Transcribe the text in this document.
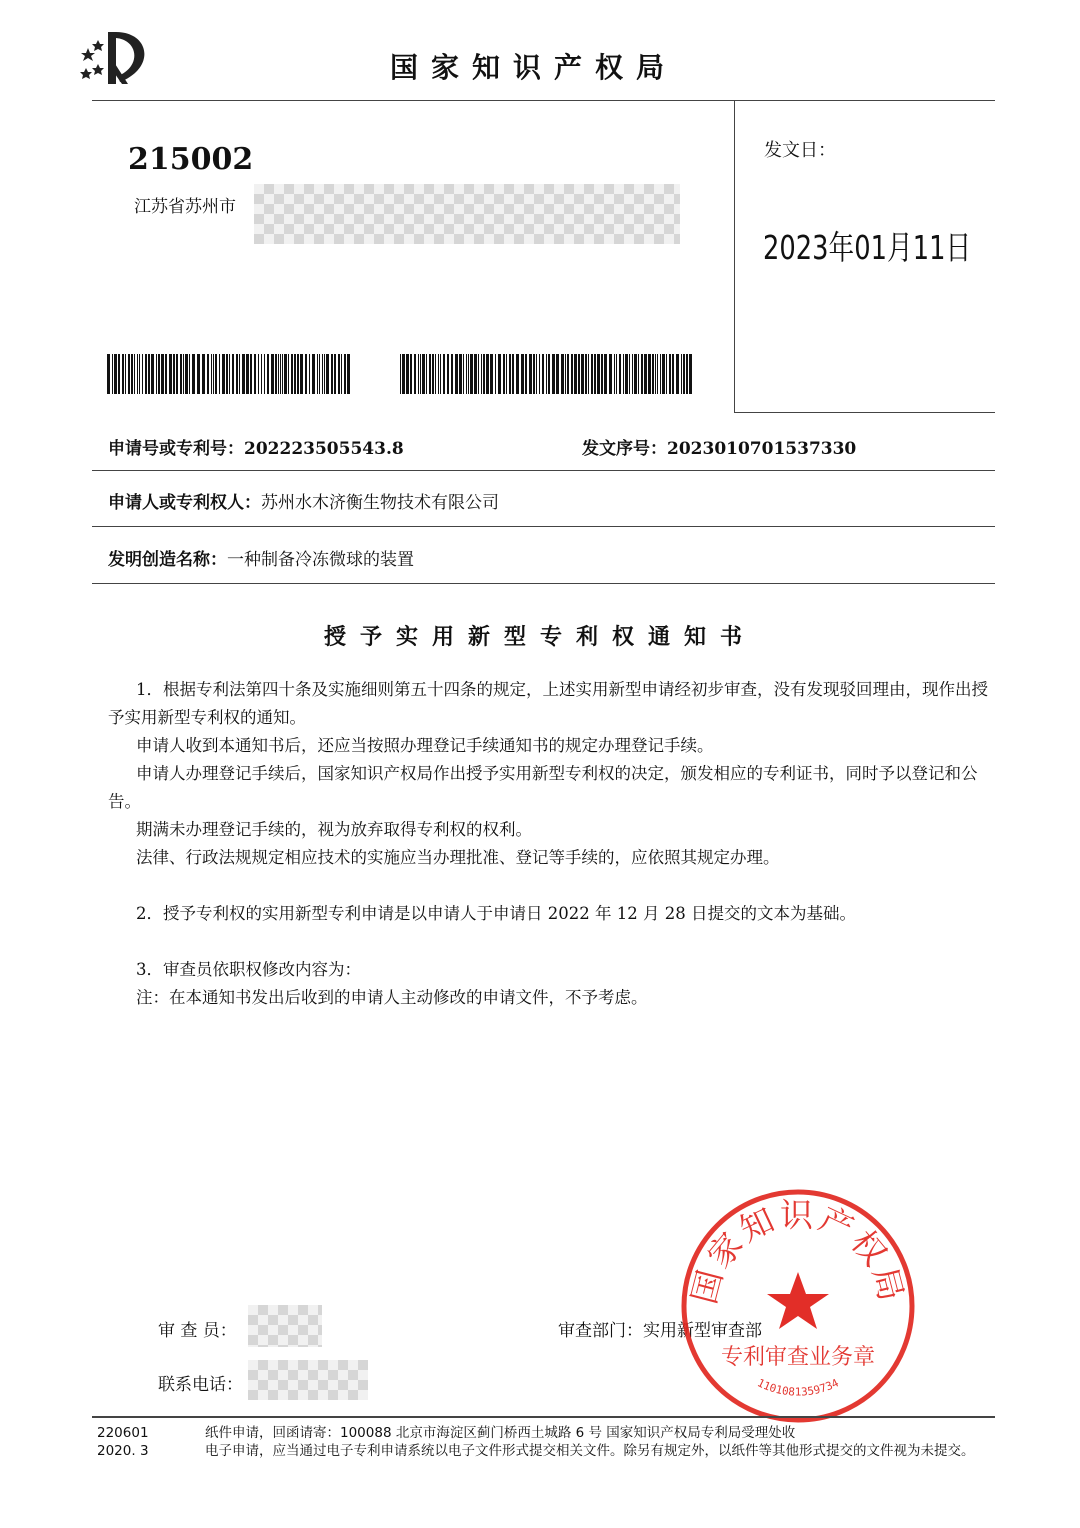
国家知识产权局
215002
江苏省苏州市
发文日：
2023年01月11日
申请号或专利号：202223505543.8	发文序号：2023010701537330
申请人或专利权人：苏州水木济衡生物技术有限公司
发明创造名称：一种制备冷冻微球的装置
授予实用新型专利权通知书

1．根据专利法第四十条及实施细则第五十四条的规定，上述实用新型申请经初步审查，没有发现驳回理由，现作出授予实用新型专利权的通知。

申请人收到本通知书后，还应当按照办理登记手续通知书的规定办理登记手续。

申请人办理登记手续后，国家知识产权局作出授予实用新型专利权的决定，颁发相应的专利证书，同时予以登记和公告。

期满未办理登记手续的，视为放弃取得专利权的权利。

法律、行政法规规定相应技术的实施应当办理批准、登记等手续的，应依照其规定办理。

2．授予专利权的实用新型专利申请是以申请人于申请日 2022 年 12 月 28 日提交的文本为基础。

3．审查员依职权修改内容为：

注：在本通知书发出后收到的申请人主动修改的申请文件，不予考虑。

审 查 员：	审查部门：实用新型审查部
联系电话：
国家知识产权局
专利审查业务章
1101081359734
220601
2020. 3
纸件申请，回函请寄：100088 北京市海淀区蓟门桥西土城路 6 号 国家知识产权局专利局受理处收
电子申请，应当通过电子专利申请系统以电子文件形式提交相关文件。除另有规定外，以纸件等其他形式提交的文件视为未提交。
